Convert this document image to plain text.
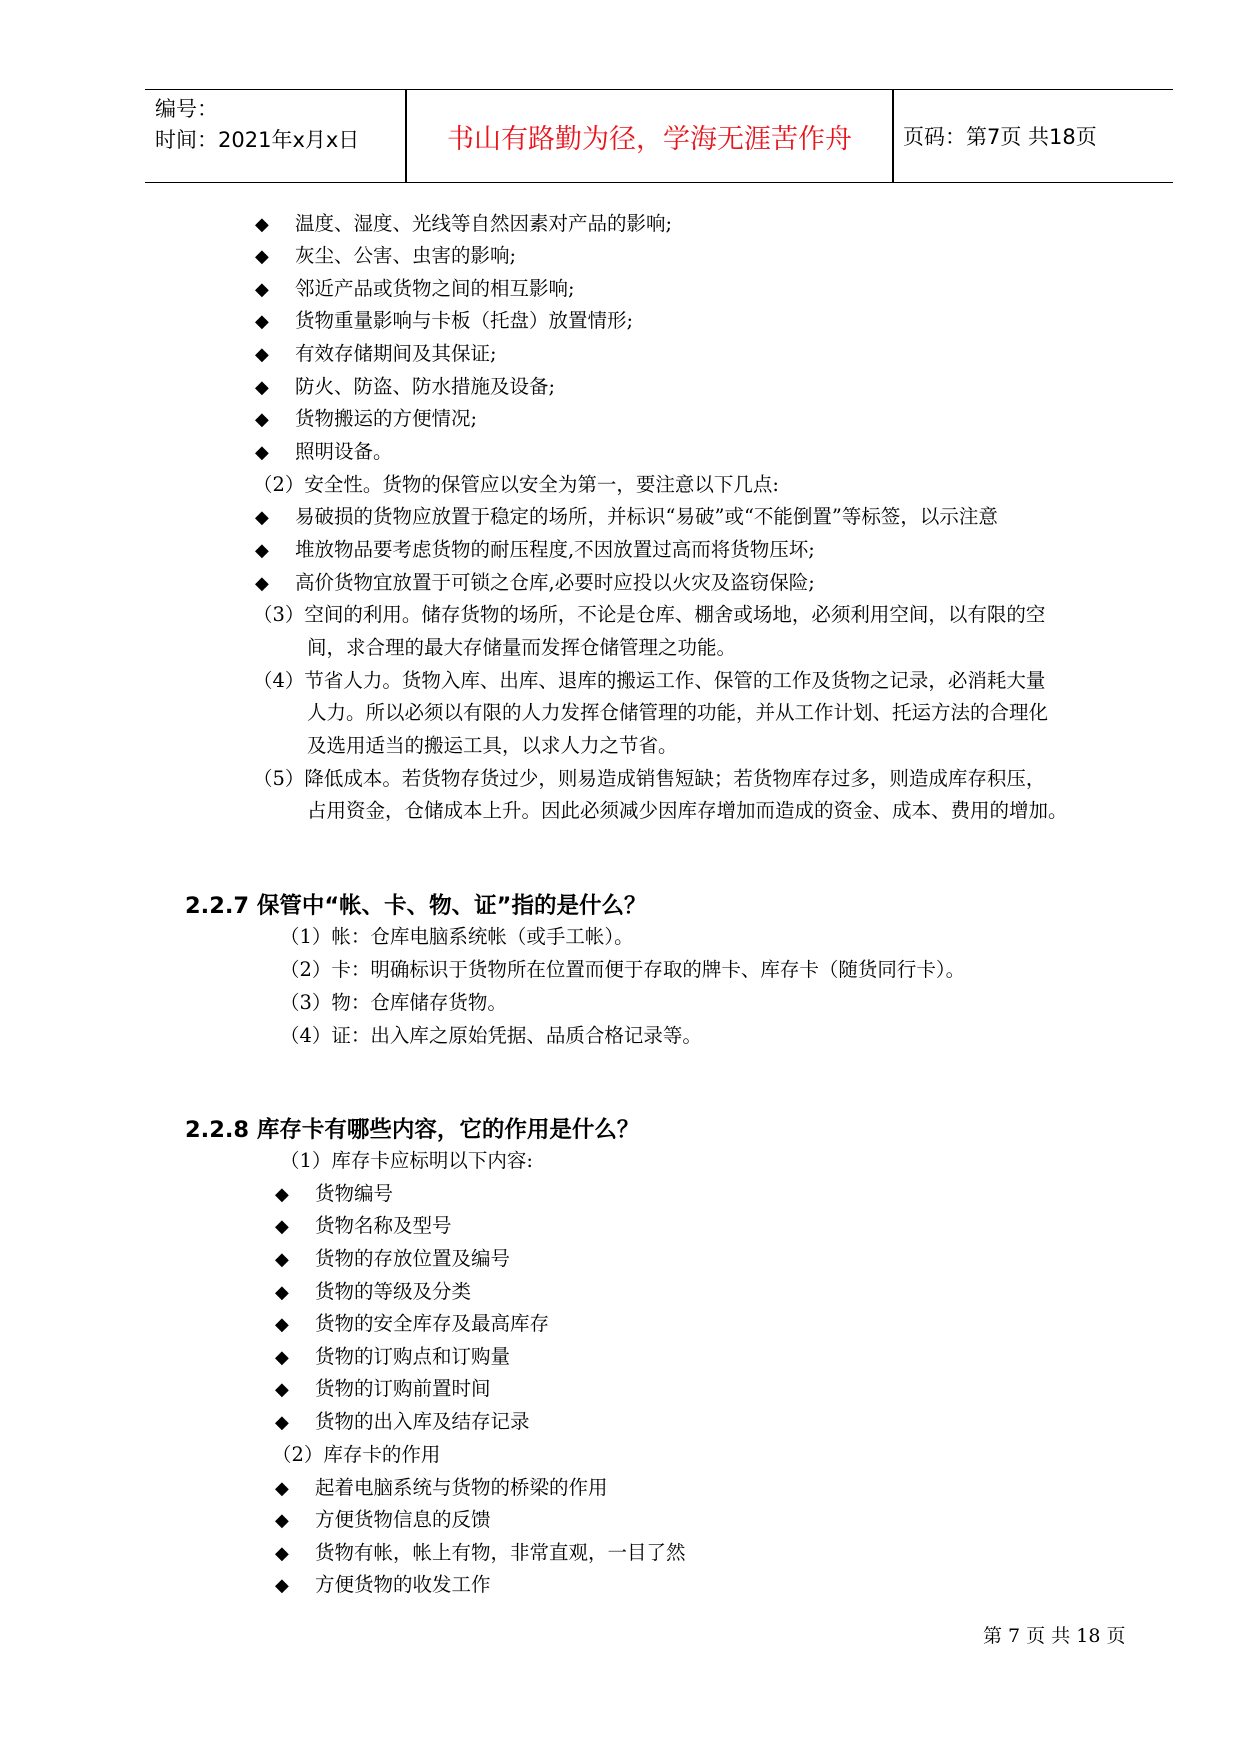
编号：
时间：2021年x月x日	书山有路勤为径，学海无涯苦作舟	页码：第7页 共18页
◆ 温度、湿度、光线等自然因素对产品的影响;
◆ 灰尘、公害、虫害的影响;
◆ 邻近产品或货物之间的相互影响;
◆ 货物重量影响与卡板（托盘）放置情形;
◆ 有效存储期间及其保证;
◆ 防火、防盗、防水措施及设备;
◆ 货物搬运的方便情况;
◆ 照明设备。
（2）安全性。货物的保管应以安全为第一，要注意以下几点:
◆ 易破损的货物应放置于稳定的场所，并标识“易破”或“不能倒置”等标签，以示注意
◆ 堆放物品要考虑货物的耐压程度,不因放置过高而将货物压坏;
◆ 高价货物宜放置于可锁之仓库,必要时应投以火灾及盗窃保险;
（3）空间的利用。储存货物的场所，不论是仓库、棚舍或场地，必须利用空间，以有限的空
间，求合理的最大存储量而发挥仓储管理之功能。
（4）节省人力。货物入库、出库、退库的搬运工作、保管的工作及货物之记录，必消耗大量
人力。所以必须以有限的人力发挥仓储管理的功能，并从工作计划、托运方法的合理化
及选用适当的搬运工具，以求人力之节省。
（5）降低成本。若货物存货过少，则易造成销售短缺；若货物库存过多，则造成库存积压，
占用资金，仓储成本上升。因此必须减少因库存增加而造成的资金、成本、费用的增加。
2.2.7 保管中“帐、卡、物、证”指的是什么？
（1）帐：仓库电脑系统帐（或手工帐）。
（2）卡：明确标识于货物所在位置而便于存取的牌卡、库存卡（随货同行卡）。
（3）物：仓库储存货物。
（4）证：出入库之原始凭据、品质合格记录等。
2.2.8 库存卡有哪些内容，它的作用是什么？
（1）库存卡应标明以下内容:
◆ 货物编号
◆ 货物名称及型号
◆ 货物的存放位置及编号
◆ 货物的等级及分类
◆ 货物的安全库存及最高库存
◆ 货物的订购点和订购量
◆ 货物的订购前置时间
◆ 货物的出入库及结存记录
（2）库存卡的作用
◆ 起着电脑系统与货物的桥梁的作用
◆ 方便货物信息的反馈
◆ 货物有帐，帐上有物，非常直观，一目了然
◆ 方便货物的收发工作
第 7 页 共 18 页
